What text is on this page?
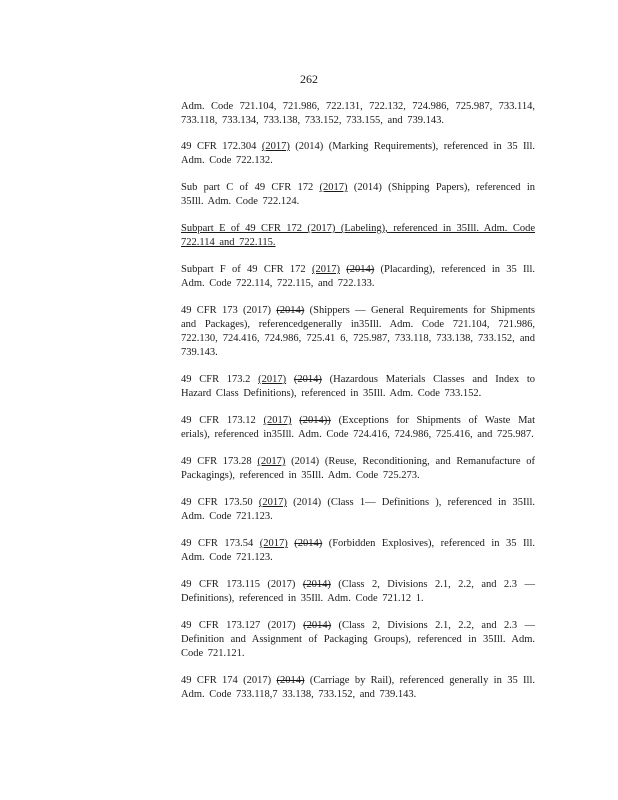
262

Adm. Code 721.104, 721.986, 722.131, 722.132, 724.986, 725.987, 733.114, 733.118, 733.134, 733.138, 733.152, 733.155, and 739.143.

49 CFR 172.304 (2017) (2014) (Marking Requirements), referenced in 35 Ill. Adm. Code 722.132.

Sub part C of 49 CFR 172 (2017) (2014) (Shipping Papers), referenced in 35Ill. Adm. Code 722.124.

Subpart E of 49 CFR 172 (2017) (Labeling), referenced in 35Ill. Adm. Code 722.114 and 722.115.

Subpart F of 49 CFR 172 (2017) (2014) (Placarding), referenced in 35 Ill. Adm. Code 722.114, 722.115, and 722.133.

49 CFR 173 (2017) (2014) (Shippers — General Requirements for Shipments and Packages), referencedgenerally in35Ill. Adm. Code 721.104, 721.986, 722.130, 724.416, 724.986, 725.41 6, 725.987, 733.118, 733.138, 733.152, and 739.143.

49 CFR 173.2 (2017) (2014) (Hazardous Materials Classes and Index to Hazard Class Definitions), referenced in 35Ill. Adm. Code 733.152.

49 CFR 173.12 (2017) (2014)) (Exceptions for Shipments of Waste Mat erials), referenced in35Ill. Adm. Code 724.416, 724.986, 725.416, and 725.987.

49 CFR 173.28 (2017) (2014) (Reuse, Reconditioning, and Remanufacture of Packagings), referenced in 35Ill. Adm. Code 725.273.

49 CFR 173.50 (2017) (2014) (Class 1— Definitions ), referenced in 35Ill. Adm. Code 721.123.

49 CFR 173.54 (2017) (2014) (Forbidden Explosives), referenced in 35 Ill. Adm. Code 721.123.

49 CFR 173.115 (2017) (2014) (Class 2, Divisions 2.1, 2.2, and 2.3 — Definitions), referenced in 35Ill. Adm. Code 721.12 1.

49 CFR 173.127 (2017) (2014) (Class 2, Divisions 2.1, 2.2, and 2.3 — Definition and Assignment of Packaging Groups), referenced in 35Ill. Adm. Code 721.121.

49 CFR 174 (2017) (2014) (Carriage by Rail), referenced generally in 35 Ill. Adm. Code 733.118,7 33.138, 733.152, and 739.143.
